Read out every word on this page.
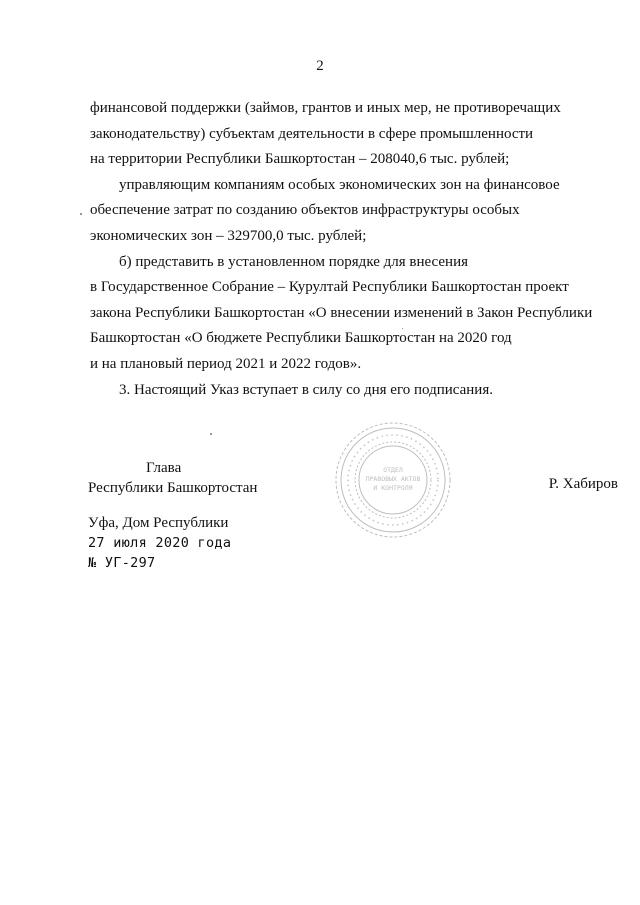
2

финансовой поддержки (займов, грантов и иных мер, не противоречащих
законодательству) субъектам деятельности в сфере промышленности
на территории Республики Башкортостан – 208040,6 тыс. рублей;

управляющим компаниям особых экономических зон на финансовое
обеспечение затрат по созданию объектов инфраструктуры особых
экономических зон – 329700,0 тыс. рублей;

б) представить в установленном порядке для внесения
в Государственное Собрание – Курултай Республики Башкортостан проект
закона Республики Башкортостан «О внесении изменений в Закон Республики
Башкортостан «О бюджете Республики Башкортостан на 2020 год
и на плановый период 2021 и 2022 годов».

3. Настоящий Указ вступает в силу со дня его подписания.

ОТДЕЛ
ПРАВОВЫХ АКТОВ
И КОНТРОЛЯ
Глава
Республики Башкортостан	Р. Хабиров
Уфа, Дом Республики
27 июля 2020 года
№ УГ-297
